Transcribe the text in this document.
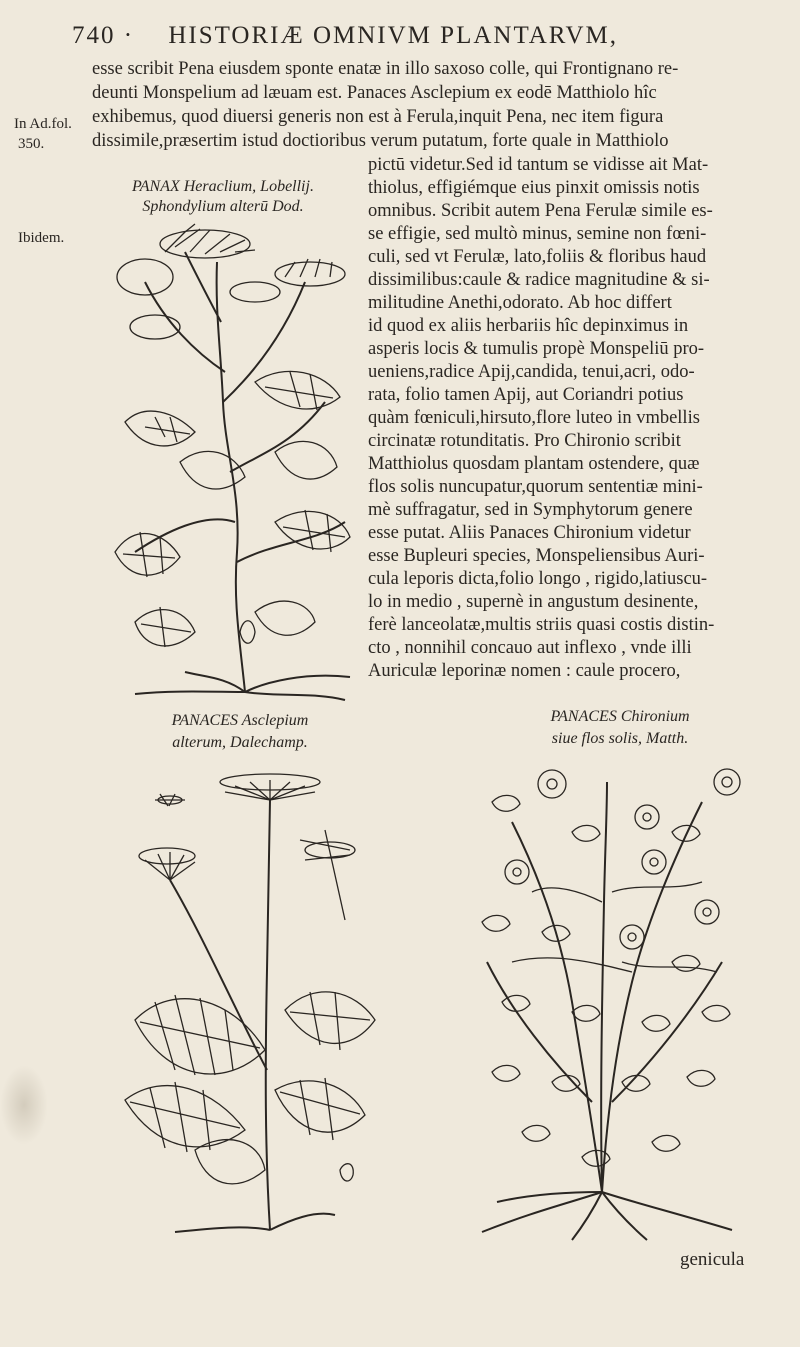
740 · HISTORIÆ OMNIVM PLANTARVM,
In Ad.fol.
350.
Ibidem.
esse scribit Pena eiusdem sponte enatæ in illo saxoso colle, qui Frontignano re-
deunti Monspelium ad læuam est. Panaces Asclepium ex eodē Matthiolo hîc
exhibemus, quod diuersi generis non est à Ferula,inquit Pena, nec item figura
dissimile,præsertim istud doctioribus verum putatum, forte quale in Matthiolo
pictū videtur.Sed id tantum se vidisse ait Mat-
thiolus, effigiémque eius pinxit omissis notis
omnibus. Scribit autem Pena Ferulæ simile es-
se effigie, sed multò minus, semine non fœni-
culi, sed vt Ferulæ, lato,foliis & floribus haud
dissimilibus:caule & radice magnitudine & si-
militudine Anethi,odorato. Ab hoc differt
id quod ex aliis herbariis hîc depinximus in
asperis locis & tumulis propè Monspeliū pro-
ueniens,radice Apij,candida, tenui,acri, odo-
rata, folio tamen Apij, aut Coriandri potius
quàm fœniculi,hirsuto,flore luteo in vmbellis
circinatæ rotunditatis. Pro Chironio scribit
Matthiolus quosdam plantam ostendere, quæ
flos solis nuncupatur,quorum sententiæ mini-
mè suffragatur, sed in Symphytorum genere
esse putat. Aliis Panaces Chironium videtur
esse Bupleuri species, Monspeliensibus Auri-
cula leporis dicta,folio longo , rigido,latiuscu-
lo in medio , supernè in angustum desinente,
ferè lanceolatæ,multis striis quasi costis distin-
cto , nonnihil concauo aut inflexo , vnde illi
Auriculæ leporinæ nomen : caule procero,
PANAX Heraclium, Lobellij.
Sphondylium alterū Dod.
PANACES Asclepium
alterum, Dalechamp.
PANACES Chironium
siue flos solis, Matth.
genicula
